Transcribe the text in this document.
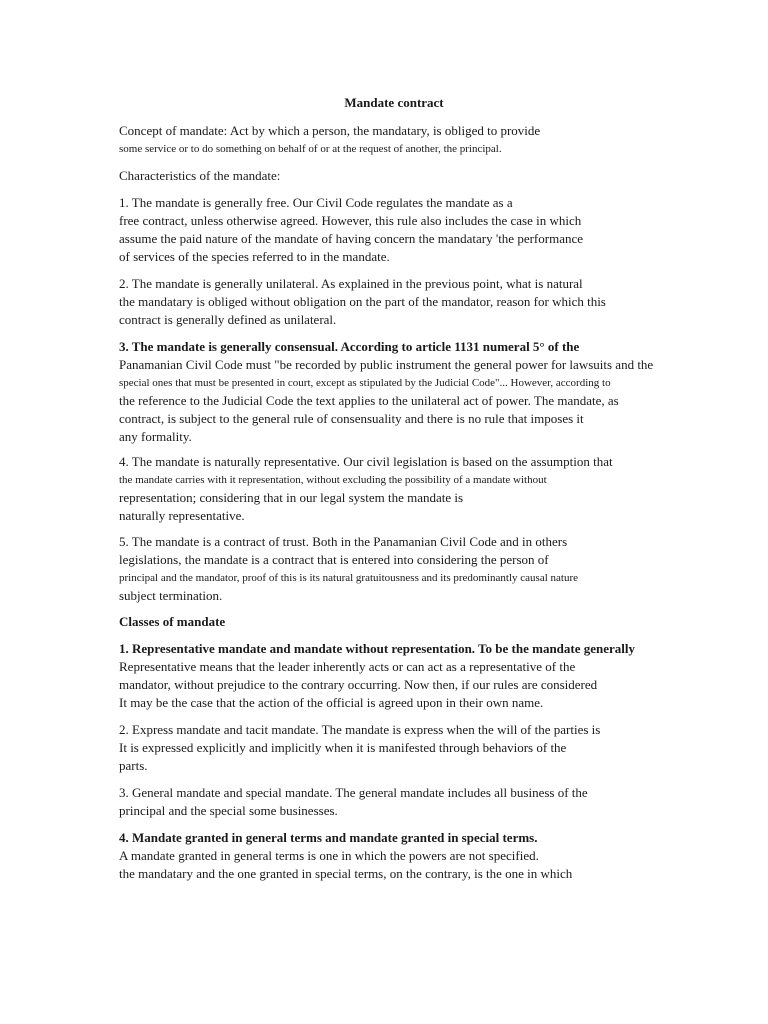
Mandate contract
Concept of mandate: Act by which a person, the mandatary, is obliged to provide
some service or to do something on behalf of or at the request of another, the principal.
Characteristics of the mandate:
1. The mandate is generally free. Our Civil Code regulates the mandate as a
free contract, unless otherwise agreed. However, this rule also includes the case in which
assume the paid nature of the mandate of having concern the mandatary 'the performance
of services of the species referred to in the mandate.
2. The mandate is generally unilateral. As explained in the previous point, what is natural
the mandatary is obliged without obligation on the part of the mandator, reason for which this
contract is generally defined as unilateral.
3. The mandate is generally consensual. According to article 1131 numeral 5° of the
Panamanian Civil Code must "be recorded by public instrument the general power for lawsuits and the
special ones that must be presented in court, except as stipulated by the Judicial Code"... However, according to
the reference to the Judicial Code the text applies to the unilateral act of power. The mandate, as
contract, is subject to the general rule of consensuality and there is no rule that imposes it
any formality.
4. The mandate is naturally representative. Our civil legislation is based on the assumption that
the mandate carries with it representation, without excluding the possibility of a mandate without
representation; considering that in our legal system the mandate is
naturally representative.
5. The mandate is a contract of trust. Both in the Panamanian Civil Code and in others
legislations, the mandate is a contract that is entered into considering the person of
principal and the mandator, proof of this is its natural gratuitousness and its predominantly causal nature
subject termination.
Classes of mandate
1. Representative mandate and mandate without representation. To be the mandate generally
Representative means that the leader inherently acts or can act as a representative of the
mandator, without prejudice to the contrary occurring. Now then, if our rules are considered
It may be the case that the action of the official is agreed upon in their own name.
2. Express mandate and tacit mandate. The mandate is express when the will of the parties is
It is expressed explicitly and implicitly when it is manifested through behaviors of the
parts.
3. General mandate and special mandate. The general mandate includes all business of the
principal and the special some businesses.
4. Mandate granted in general terms and mandate granted in special terms.
A mandate granted in general terms is one in which the powers are not specified.
the mandatary and the one granted in special terms, on the contrary, is the one in which
